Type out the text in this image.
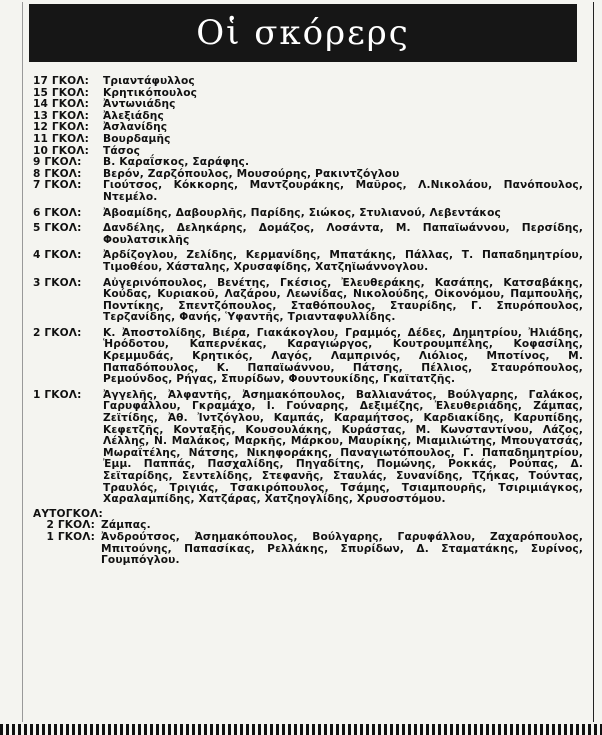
Οἱ σκόρερς
17 ΓΚΟΛ:	Τριαντάφυλλος
15 ΓΚΟΛ:	Κρητικόπουλος
14 ΓΚΟΛ:	Ἀντωνιάδης
13 ΓΚΟΛ:	Ἀλεξιάδης
12 ΓΚΟΛ:	Ἀσλανίδης
11 ΓΚΟΛ:	Βουρδαμῆς
10 ΓΚΟΛ:	Τάσος
9 ΓΚΟΛ:	Β. Καραΐσκος, Σαράφης.
8 ΓΚΟΛ:	Βερόν, Ζαρζόπουλος, Μουσούρης, Ρακιντζόγλου
7 ΓΚΟΛ:	Γιούτσος, Κόκκορης, Μαντζουράκης, Μαῦρος, Λ.Νικολάου, Πανόπουλος, Ντεμέλο.
6 ΓΚΟΛ:	Ἀβοαμίδης, Δαβουρλῆς, Παρίδης, Σιώκος, Στυλιανού, Λεβεντάκος
5 ΓΚΟΛ:	Δανδέλης, Δεληκάρης, Δομάζος, Λοσάντα, Μ. Παπαϊωάννου, Περσίδης, Φουλατσικλῆς
4 ΓΚΟΛ:	Ἀρδίζογλου, Ζελίδης, Κερμανίδης, Μπατάκης, Πάλλας, Τ. Παπαδημητρίου, Τιμοθέου, Χάσταλης, Χρυσαφίδης, Χατζηϊωάννογλου.
3 ΓΚΟΛ:	Αὐγερινόπουλος, Βενέτης, Γκέσιος, Ἐλευθεράκης, Κασάπης, Κατσαβάκης, Κούδας, Κυριακοῦ, Λαζάρου, Λεωνίδας, Νικολούδης, Οἰκονόμου, Παμπουλῆς, Ποντίκης, Σπεντζόπουλος, Σταθόπουλος, Σταυρίδης, Γ. Σπυρόπουλος, Τερζανίδης, Φανής, Ὑφαντῆς, Τριανταφυλλίδης.
2 ΓΚΟΛ:	Κ. Ἀποστολίδης, Βιέρα, Γιακάκογλου, Γραμμός, Δέδες, Δημητρίου, Ἠλιάδης, Ἡρόδοτου, Καπερνέκας, Καραγιώργος, Κουτρουμπέλης, Κοφασίλης, Κρεμμυδάς, Κρητικός, Λαγός, Λαμπρινός, Λιόλιος, Μποτίνος, Μ. Παπαδόπουλος, Κ. Παπαϊωάννου, Πάτσης, Πέλλιος, Σταυρόπουλος, Ρεμούνδος, Ρήγας, Σπυρίδων, Φουντουκίδης, Γκαϊτατζῆς.
1 ΓΚΟΛ:	Ἀγγελῆς, Ἀλφαντῆς, Ἀσημακόπουλος, Βαλλιανάτος, Βούλγαρης, Γαλάκος, Γαρυφάλλου, Γκραμάχο, Ι. Γούναρης, Δεξιμέζης, Ἐλευθεριάδης, Ζάμπας, Ζεϊτίδης, Ἀθ. Ἰντζόγλου, Καμπάς, Καραμήτσος, Καρδιακίδης, Καρυπίδης, Κεφετζῆς, Κονταξῆς, Κουσουλάκης, Κυράστας, Μ. Κωνσταντίνου, Λάζος, Λέλλης, Ν. Μαλάκος, Μαρκῆς, Μάρκου, Μαυρίκης, Μιαμιλιώτης, Μπουγατσάς, Μωραΐτέλης, Νάτσης, Νικηφοράκης, Παναγιωτόπουλος, Γ. Παπαδημητρίου, Ἐμμ. Παππάς, Πασχαλίδης, Πηγαδίτης, Πομώνης, Ροκκάς, Ρούπας, Δ. Σεϊταρίδης, Σεντελίδης, Στεφανῆς, Σταυλάς, Συνανίδης, Τζήκας, Τούντας, Τραυλός, Τριγιάς, Τσακιρόπουλος, Τσάμης, Τσιαμπουρῆς, Τσιριμιάγκος, Χαραλαμπίδης, Χατζάρας, Χατζηογλίδης, Χρυσοστόμου.
ΑΥΤΟΓΚΟΛ:
2 ΓΚΟΛ: Ζάμπας.
1 ΓΚΟΛ: Ἀνδρούτσος, Ἀσημακόπουλος, Βούλγαρης, Γαρυφάλλου, Ζαχαρόπουλος, Μπιτούνης, Παπασίκας, Ρελλάκης, Σπυρίδων, Δ. Σταματάκης, Συρίνος, Γουμπόγλου.
